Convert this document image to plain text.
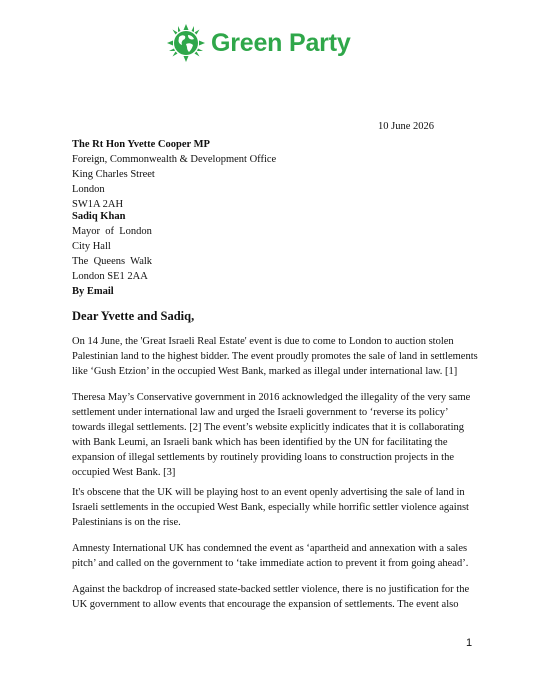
Green Party
10 June 2026
The Rt Hon Yvette Cooper MP
Foreign, Commonwealth & Development Office
King Charles Street
London
SW1A 2AH
Sadiq Khan
Mayor  of  London
City Hall
The  Queens  Walk
London SE1 2AA
By Email
Dear Yvette and Sadiq,
On 14 June, the 'Great Israeli Real Estate' event is due to come to London to auction stolen
Palestinian land to the highest bidder. The event proudly promotes the sale of land in settlements
like ‘Gush Etzion’ in the occupied West Bank, marked as illegal under international law. [1]
Theresa May’s Conservative government in 2016 acknowledged the illegality of the very same
settlement under international law and urged the Israeli government to ‘reverse its policy’
towards illegal settlements. [2] The event’s website explicitly indicates that it is collaborating
with Bank Leumi, an Israeli bank which has been identified by the UN for facilitating the
expansion of illegal settlements by routinely providing loans to construction projects in the
occupied West Bank. [3]
It's obscene that the UK will be playing host to an event openly advertising the sale of land in
Israeli settlements in the occupied West Bank, especially while horrific settler violence against
Palestinians is on the rise.
Amnesty International UK has condemned the event as ‘apartheid and annexation with a sales
pitch’ and called on the government to ‘take immediate action to prevent it from going ahead’.
Against the backdrop of increased state-backed settler violence, there is no justification for the
UK government to allow events that encourage the expansion of settlements. The event also
1
